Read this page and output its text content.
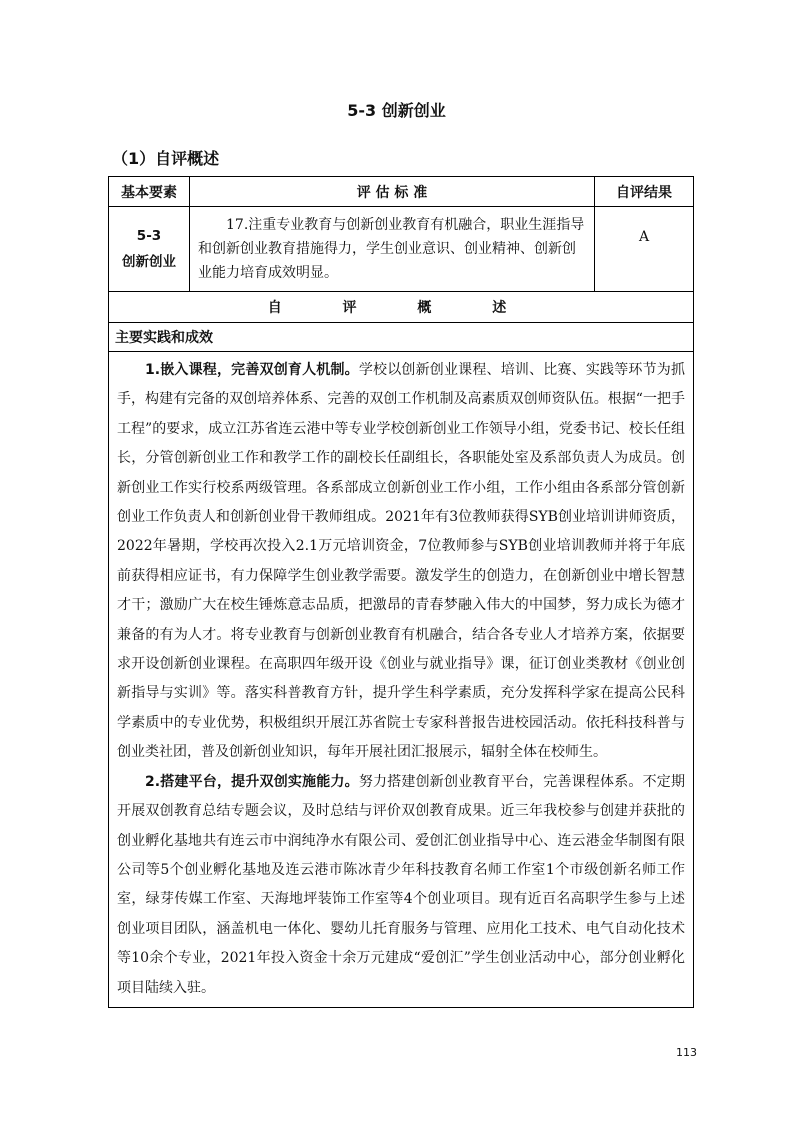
5-3 创新创业
（1）自评概述
基本要素	评 估 标 准	自评结果

5-3
创新创业	17.注重专业教育与创新创业教育有机融合，职业生涯指导和创新创业教育措施得力，学生创业意识、创业精神、创新创业能力培育成效明显。	A
自 评 概 述		
主要实践和成效		

1.嵌入课程，完善双创育人机制。学校以创新创业课程、培训、比赛、实践等环节为抓手，构建有完备的双创培养体系、完善的双创工作机制及高素质双创师资队伍。根据“一把手工程”的要求，成立江苏省连云港中等专业学校创新创业工作领导小组，党委书记、校长任组长，分管创新创业工作和教学工作的副校长任副组长，各职能处室及系部负责人为成员。创新创业工作实行校系两级管理。各系部成立创新创业工作小组，工作小组由各系部分管创新创业工作负责人和创新创业骨干教师组成。2021年有3位教师获得SYB创业培训讲师资质，2022年暑期，学校再次投入2.1万元培训资金，7位教师参与SYB创业培训教师并将于年底前获得相应证书，有力保障学生创业教学需要。激发学生的创造力，在创新创业中增长智慧才干；激励广大在校生锤炼意志品质，把激昂的青春梦融入伟大的中国梦，努力成长为德才兼备的有为人才。将专业教育与创新创业教育有机融合，结合各专业人才培养方案，依据要求开设创新创业课程。在高职四年级开设《创业与就业指导》课，征订创业类教材《创业创新指导与实训》等。落实科普教育方针，提升学生科学素质，充分发挥科学家在提高公民科学素质中的专业优势，积极组织开展江苏省院士专家科普报告进校园活动。依托科技科普与创业类社团，普及创新创业知识，每年开展社团汇报展示，辐射全体在校师生。

2.搭建平台，提升双创实施能力。努力搭建创新创业教育平台，完善课程体系。不定期开展双创教育总结专题会议，及时总结与评价双创教育成果。近三年我校参与创建并获批的创业孵化基地共有连云市中润纯净水有限公司、爱创汇创业指导中心、连云港金华制图有限公司等5个创业孵化基地及连云港市陈冰青少年科技教育名师工作室1个市级创新名师工作室，绿芽传媒工作室、天海地坪装饰工作室等4个创业项目。现有近百名高职学生参与上述创业项目团队，涵盖机电一体化、婴幼儿托育服务与管理、应用化工技术、电气自动化技术等10余个专业，2021年投入资金十余万元建成“爱创汇”学生创业活动中心，部分创业孵化项目陆续入驻。		

113
